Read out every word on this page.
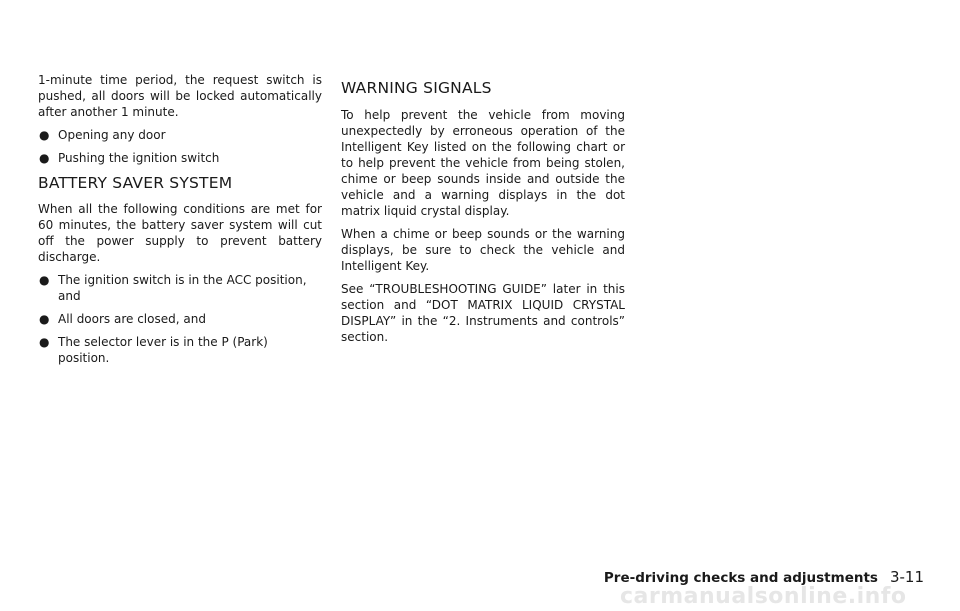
1-minute time period, the request switch is pushed, all doors will be locked automatically after another 1 minute.

● Opening any door
● Pushing the ignition switch
BATTERY SAVER SYSTEM

When all the following conditions are met for 60 minutes, the battery saver system will cut off the power supply to prevent battery discharge.

● The ignition switch is in the ACC position, and
● All doors are closed, and
● The selector lever is in the P (Park) position.
WARNING SIGNALS

To help prevent the vehicle from moving unexpectedly by erroneous operation of the Intelligent Key listed on the following chart or to help prevent the vehicle from being stolen, chime or beep sounds inside and outside the vehicle and a warning displays in the dot matrix liquid crystal display.

When a chime or beep sounds or the warning displays, be sure to check the vehicle and Intelligent Key.

See “TROUBLESHOOTING GUIDE” later in this section and “DOT MATRIX LIQUID CRYSTAL DISPLAY” in the “2. Instruments and controls” section.

Pre-driving checks and adjustments 3-11
carmanualsonline.info
